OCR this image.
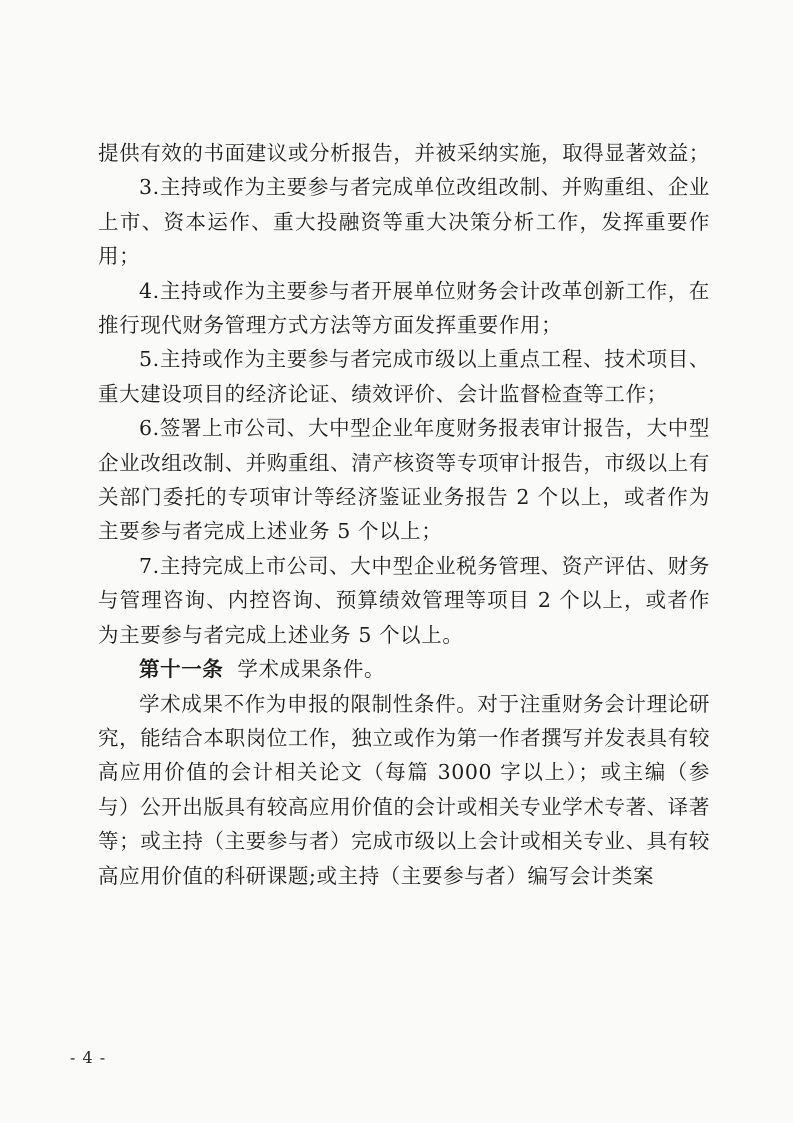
提供有效的书面建议或分析报告，并被采纳实施，取得显著效益；

3.主持或作为主要参与者完成单位改组改制、并购重组、企业上市、资本运作、重大投融资等重大决策分析工作，发挥重要作用；

4.主持或作为主要参与者开展单位财务会计改革创新工作，在推行现代财务管理方式方法等方面发挥重要作用；

5.主持或作为主要参与者完成市级以上重点工程、技术项目、重大建设项目的经济论证、绩效评价、会计监督检查等工作；

6.签署上市公司、大中型企业年度财务报表审计报告，大中型企业改组改制、并购重组、清产核资等专项审计报告，市级以上有关部门委托的专项审计等经济鉴证业务报告 2 个以上，或者作为主要参与者完成上述业务 5 个以上；

7.主持完成上市公司、大中型企业税务管理、资产评估、财务与管理咨询、内控咨询、预算绩效管理等项目 2 个以上，或者作为主要参与者完成上述业务 5 个以上。

第十一条 学术成果条件。

学术成果不作为申报的限制性条件。对于注重财务会计理论研究，能结合本职岗位工作，独立或作为第一作者撰写并发表具有较高应用价值的会计相关论文（每篇 3000 字以上）；或主编（参与）公开出版具有较高应用价值的会计或相关专业学术专著、译著等；或主持（主要参与者）完成市级以上会计或相关专业、具有较高应用价值的科研课题;或主持（主要参与者）编写会计类案

- 4 -
